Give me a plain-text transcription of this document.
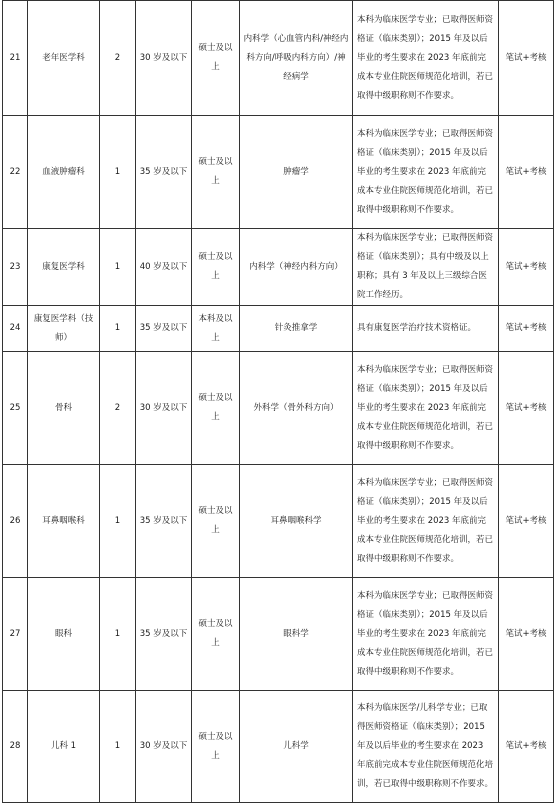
21	老年医学科	2	30 岁及以下	硕士及以上	内科学（心血管内科/神经内科方向/呼吸内科方向）/神经病学	本科为临床医学专业；已取得医师资格证（临床类别）；2015 年及以后毕业的考生要求在 2023 年底前完成本专业住院医师规范化培训，若已取得中级职称则不作要求。	笔试+考核
22	血液肿瘤科	1	35 岁及以下	硕士及以上	肿瘤学	本科为临床医学专业；已取得医师资格证（临床类别）；2015 年及以后毕业的考生要求在 2023 年底前完成本专业住院医师规范化培训，若已取得中级职称则不作要求。	笔试+考核
23	康复医学科	1	40 岁及以下	硕士及以上	内科学（神经内科方向）	本科为临床医学专业；已取得医师资格证（临床类别）；具有中级及以上职称；具有 3 年及以上三级综合医院工作经历。	笔试+考核
24	康复医学科（技师）	1	35 岁及以下	本科及以上	针灸推拿学	具有康复医学治疗技术资格证。	笔试+考核
25	骨科	2	30 岁及以下	硕士及以上	外科学（骨外科方向）	本科为临床医学专业；已取得医师资格证（临床类别）；2015 年及以后毕业的考生要求在 2023 年底前完成本专业住院医师规范化培训，若已取得中级职称则不作要求。	笔试+考核
26	耳鼻咽喉科	1	35 岁及以下	硕士及以上	耳鼻咽喉科学	本科为临床医学专业；已取得医师资格证（临床类别）；2015 年及以后毕业的考生要求在 2023 年底前完成本专业住院医师规范化培训，若已取得中级职称则不作要求。	笔试+考核
27	眼科	1	35 岁及以下	硕士及以上	眼科学	本科为临床医学专业；已取得医师资格证（临床类别）；2015 年及以后毕业的考生要求在 2023 年底前完成本专业住院医师规范化培训，若已取得中级职称则不作要求。	笔试+考核
28	儿科 1	1	30 岁及以下	硕士及以上	儿科学	本科为临床医学/儿科学专业；已取得医师资格证（临床类别）；2015 年及以后毕业的考生要求在 2023 年底前完成本专业住院医师规范化培训，若已取得中级职称则不作要求。	笔试+考核
